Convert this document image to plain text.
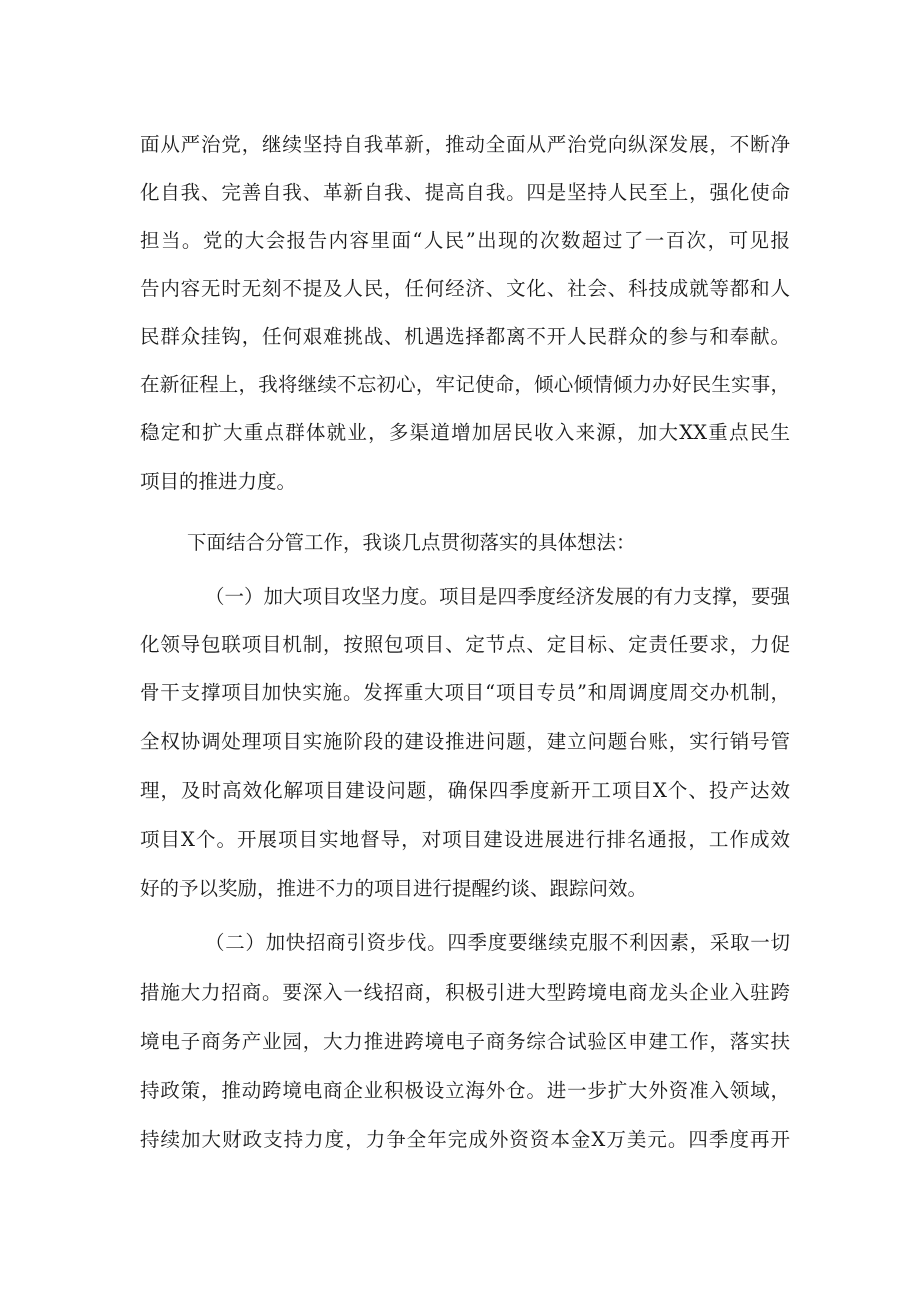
面从严治党，继续坚持自我革新，推动全面从严治党向纵深发展，不断净
化自我、完善自我、革新自我、提高自我。四是坚持人民至上，强化使命
担当。党的大会报告内容里面“人民”出现的次数超过了一百次，可见报
告内容无时无刻不提及人民，任何经济、文化、社会、科技成就等都和人
民群众挂钩，任何艰难挑战、机遇选择都离不开人民群众的参与和奉献。
在新征程上，我将继续不忘初心，牢记使命，倾心倾情倾力办好民生实事，
稳定和扩大重点群体就业，多渠道增加居民收入来源，加大XX重点民生
项目的推进力度。
下面结合分管工作，我谈几点贯彻落实的具体想法：
（一）加大项目攻坚力度。项目是四季度经济发展的有力支撑，要强
化领导包联项目机制，按照包项目、定节点、定目标、定责任要求，力促
骨干支撑项目加快实施。发挥重大项目“项目专员”和周调度周交办机制，
全权协调处理项目实施阶段的建设推进问题，建立问题台账，实行销号管
理，及时高效化解项目建设问题，确保四季度新开工项目X个、投产达效
项目X个。开展项目实地督导，对项目建设进展进行排名通报，工作成效
好的予以奖励，推进不力的项目进行提醒约谈、跟踪问效。
（二）加快招商引资步伐。四季度要继续克服不利因素，采取一切
措施大力招商。要深入一线招商，积极引进大型跨境电商龙头企业入驻跨
境电子商务产业园，大力推进跨境电子商务综合试验区申建工作，落实扶
持政策，推动跨境电商企业积极设立海外仓。进一步扩大外资准入领域，
持续加大财政支持力度，力争全年完成外资资本金X万美元。四季度再开
